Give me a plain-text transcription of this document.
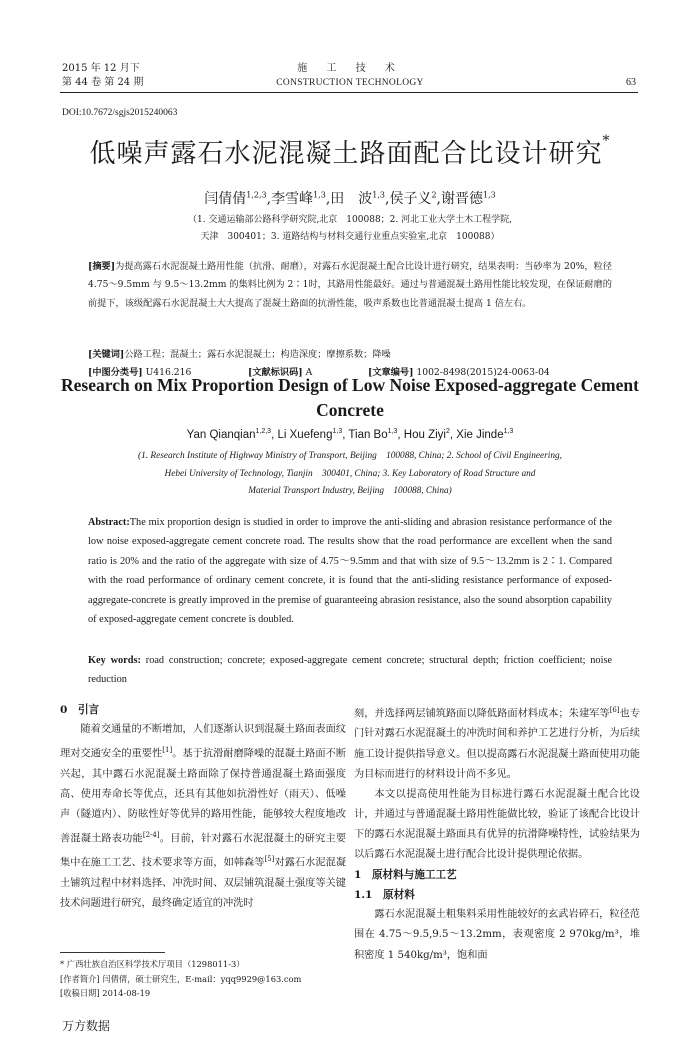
2015 年 12 月下
第 44 卷 第 24 期
施 工 技 术
CONSTRUCTION TECHNOLOGY	63
DOI:10.7672/sgjs2015240063
低噪声露石水泥混凝土路面配合比设计研究*
闫倩倩$^{1,2,3}$,李雪峰$^{1,3}$,田　波$^{1,3}$,侯子义$^2$,谢晋德$^{1,3}$
（1. 交通运输部公路科学研究院,北京　100088；2. 河北工业大学土木工程学院,
天津　300401；3. 道路结构与材料交通行业重点实验室,北京　100088）
[摘要]为提高露石水泥混凝土路用性能（抗滑、耐磨），对露石水泥混凝土配合比设计进行研究，结果表明：当砂率为 20%，粒径 4.75～9.5mm 与 9.5～13.2mm 的集料比例为 2∶1时，其路用性能最好。通过与普通混凝土路用性能比较发现，在保证耐磨的前提下，该级配露石水泥混凝土大大提高了混凝土路面的抗滑性能，吸声系数也比普通混凝土提高 1 倍左右。
[关键词]公路工程；混凝土；露石水泥混凝土；构造深度；摩擦系数；降噪
[中图分类号] U416.216	[文献标识码] A	[文章编号] 1002-8498(2015)24-0063-04
Research on Mix Proportion Design of Low Noise Exposed-aggregate Cement Concrete
Yan Qianqian$^{1,2,3}$, Li Xuefeng$^{1,3}$, Tian Bo$^{1,3}$, Hou Ziyi$^2$, Xie Jinde$^{1,3}$
(1. Research Institute of Highway Ministry of Transport, Beijing　100088, China; 2. School of Civil Engineering,
Hebei University of Technology, Tianjin　300401, China; 3. Key Laboratory of Road Structure and
Material Transport Industry, Beijing　100088, China)
Abstract:The mix proportion design is studied in order to improve the anti-sliding and abrasion resistance performance of the low noise exposed-aggregate cement concrete road. The results show that the road performance are excellent when the sand ratio is 20% and the ratio of the aggregate with size of 4.75～9.5mm and that with size of 9.5～13.2mm is 2∶1. Compared with the road performance of ordinary cement concrete, it is found that the anti-sliding resistance performance of exposed-aggregate-concrete is greatly improved in the premise of guaranteeing abrasion resistance, also the sound absorption capability of exposed-aggregate cement concrete is doubled.
Key words: road construction; concrete; exposed-aggregate cement concrete; structural depth; friction coefficient; noise reduction
0　引言
随着交通量的不断增加，人们逐渐认识到混凝土路面表面纹理对交通安全的重要性[1]。基于抗滑耐磨降噪的混凝土路面不断兴起，其中露石水泥混凝土路面除了保持普通混凝土路面强度高、使用寿命长等优点，还具有其他如抗滑性好（雨天）、低噪声（隧道内）、防眩性好等优异的路用性能，能够较大程度地改善混凝土路表功能[2-4]。目前，针对露石水泥混凝土的研究主要集中在施工工艺、技术要求等方面，如韩森等[5]对露石水泥混凝土铺筑过程中材料选择、冲洗时间、双层铺筑混凝土强度等关键技术问题进行研究，最终确定适宜的冲洗时
刻，并选择两层铺筑路面以降低路面材料成本；朱建军等[6]也专门针对露石水泥混凝土的冲洗时间和养护工艺进行分析，为后续施工设计提供指导意义。但以提高露石水泥混凝土路面使用功能为目标而进行的材料设计尚不多见。
本文以提高使用性能为目标进行露石水泥混凝土配合比设计，并通过与普通混凝土路用性能做比较，验证了该配合比设计下的露石水泥混凝土路面具有优异的抗滑降噪特性，试验结果为以后露石水泥混凝土进行配合比设计提供理论依据。
1　原材料与施工工艺
1.1　原材料
露石水泥混凝土粗集料采用性能较好的玄武岩碎石，粒径范围在 4.75～9.5,9.5～13.2mm，表观密度 2 970kg/m³，堆积密度 1 540kg/m³，饱和面
* 广西壮族自治区科学技术厅项目（1298011-3）
[作者简介] 闫倩倩，硕士研究生，E-mail：yqq9929@163.com
[收稿日期] 2014-08-19
万方数据
